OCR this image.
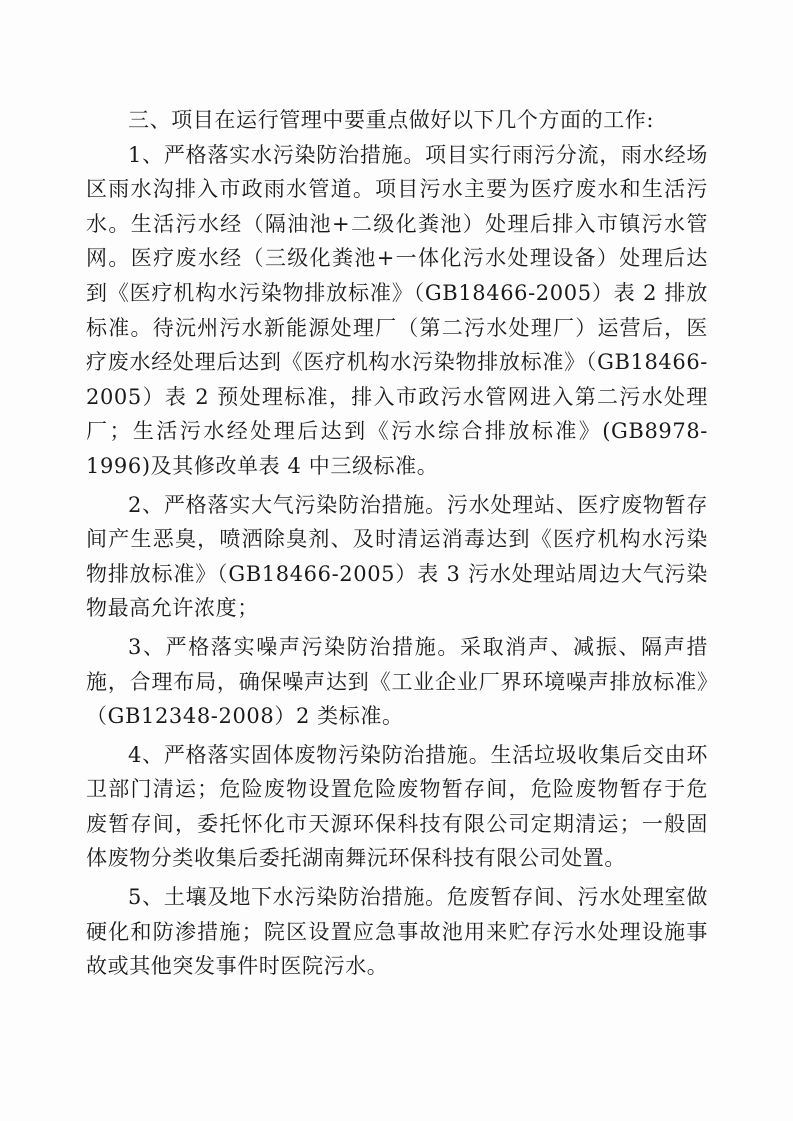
三、项目在运行管理中要重点做好以下几个方面的工作:

1、严格落实水污染防治措施。项目实行雨污分流，雨水经场区雨水沟排入市政雨水管道。项目污水主要为医疗废水和生活污水。生活污水经（隔油池+二级化粪池）处理后排入市镇污水管网。医疗废水经（三级化粪池+一体化污水处理设备）处理后达到《医疗机构水污染物排放标准》（GB18466-2005）表 2 排放标准。待沅州污水新能源处理厂（第二污水处理厂）运营后，医疗废水经处理后达到《医疗机构水污染物排放标准》（GB18466-2005）表 2 预处理标准，排入市政污水管网进入第二污水处理厂；生活污水经处理后达到《污水综合排放标准》(GB8978-1996)及其修改单表 4 中三级标准。

2、严格落实大气污染防治措施。污水处理站、医疗废物暂存间产生恶臭，喷洒除臭剂、及时清运消毒达到《医疗机构水污染物排放标准》（GB18466-2005）表 3 污水处理站周边大气污染物最高允许浓度；

3、严格落实噪声污染防治措施。采取消声、减振、隔声措施，合理布局，确保噪声达到《工业企业厂界环境噪声排放标准》（GB12348-2008）2 类标准。

4、严格落实固体废物污染防治措施。生活垃圾收集后交由环卫部门清运；危险废物设置危险废物暂存间，危险废物暂存于危废暂存间，委托怀化市天源环保科技有限公司定期清运；一般固体废物分类收集后委托湖南舞沅环保科技有限公司处置。

5、土壤及地下水污染防治措施。危废暂存间、污水处理室做硬化和防渗措施；院区设置应急事故池用来贮存污水处理设施事故或其他突发事件时医院污水。
